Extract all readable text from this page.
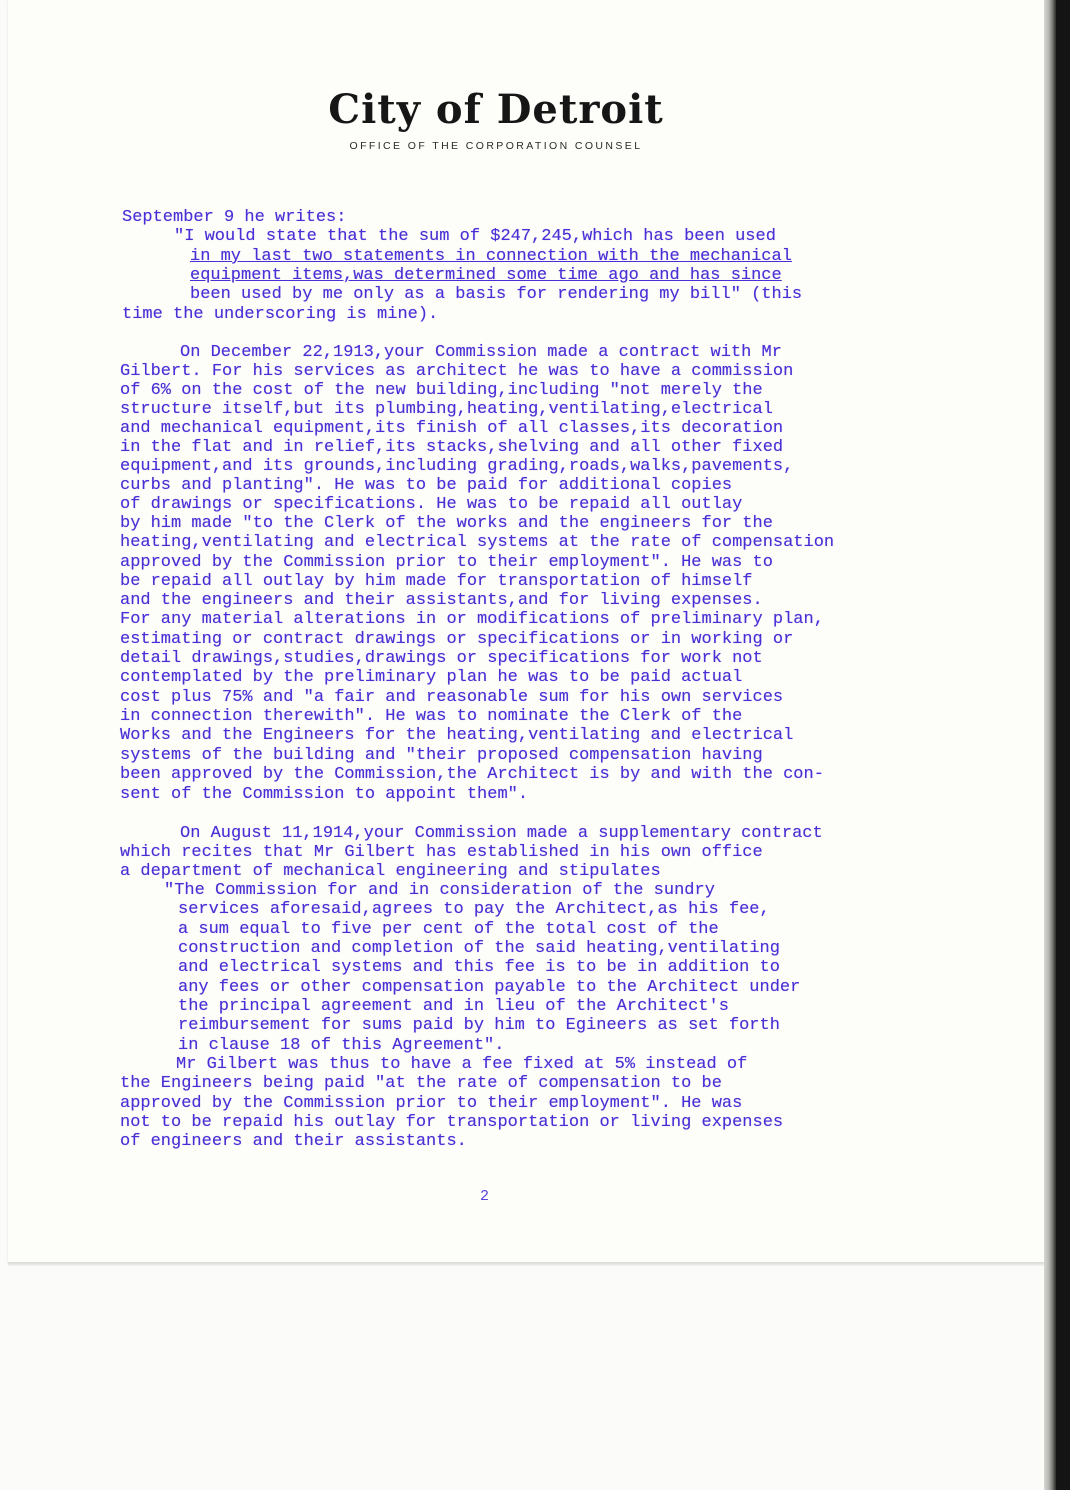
City of Detroit
OFFICE OF THE CORPORATION COUNSEL
September 9 he writes:
"I would state that the sum of $247,245,which has been used
in my last two statements in connection with the mechanical
equipment items,was determined some time ago and has since
been used by me only as a basis for rendering my bill" (this
time the underscoring is mine).
On December 22,1913,your Commission made a contract with Mr
Gilbert. For his services as architect he was to have a commission
of 6% on the cost of the new building,including "not merely the
structure itself,but its plumbing,heating,ventilating,electrical
and mechanical equipment,its finish of all classes,its decoration
in the flat and in relief,its stacks,shelving and all other fixed
equipment,and its grounds,including grading,roads,walks,pavements,
curbs and planting". He was to be paid for additional copies
of drawings or specifications. He was to be repaid all outlay
by him made "to the Clerk of the works and the engineers for the
heating,ventilating and electrical systems at the rate of compensation
approved by the Commission prior to their employment". He was to
be repaid all outlay by him made for transportation of himself
and the engineers and their assistants,and for living expenses.
For any material alterations in or modifications of preliminary plan,
estimating or contract drawings or specifications or in working or
detail drawings,studies,drawings or specifications for work not
contemplated by the preliminary plan he was to be paid actual
cost plus 75% and "a fair and reasonable sum for his own services
in connection therewith". He was to nominate the Clerk of the
Works and the Engineers for the heating,ventilating and electrical
systems of the building and "their proposed compensation having
been approved by the Commission,the Architect is by and with the con-
sent of the Commission to appoint them".
On August 11,1914,your Commission made a supplementary contract
which recites that Mr Gilbert has established in his own office
a department of mechanical engineering and stipulates
"The Commission for and in consideration of the sundry
services aforesaid,agrees to pay the Architect,as his fee,
a sum equal to five per cent of the total cost of the
construction and completion of the said heating,ventilating
and electrical systems and this fee is to be in addition to
any fees or other compensation payable to the Architect under
the principal agreement and in lieu of the Architect's
reimbursement for sums paid by him to Egineers as set forth
in clause 18 of this Agreement".
Mr Gilbert was thus to have a fee fixed at 5% instead of
the Engineers being paid "at the rate of compensation to be
approved by the Commission prior to their employment". He was
not to be repaid his outlay for transportation or living expenses
of engineers and their assistants.
2
